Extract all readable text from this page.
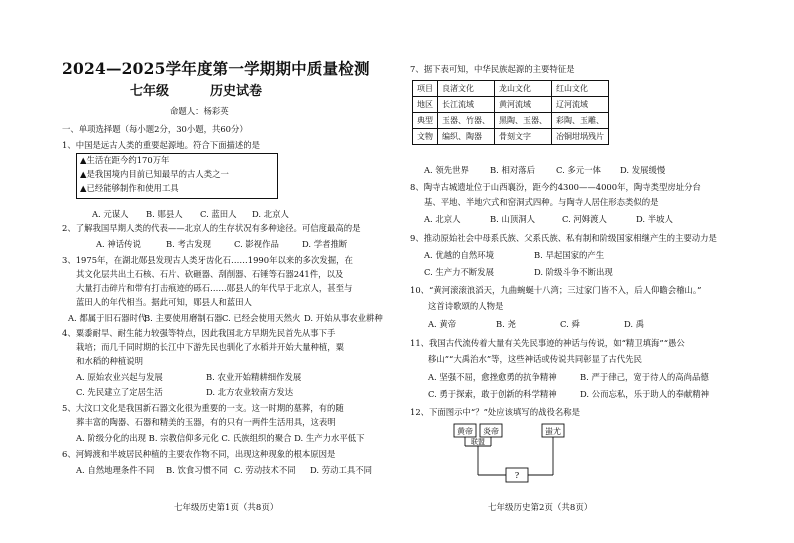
2024—2025学年度第一学期期中质量检测
七年级	历史试卷
命题人：杨彩英
一、单项选择题（每小题2分，30小题，共60分）
1、中国是远古人类的重要起源地。符合下面描述的是
▲生活在距今约170万年
▲是我国境内目前已知最早的古人类之一
▲已经能够制作和使用工具
A. 元谋人 B. 郧县人 C. 蓝田人 D. 北京人
2、了解我国早期人类的代表——北京人的生存状况有多种途径。可信度最高的是
A. 神话传说	B. 考古发现	C. 影视作品	D. 学者推断
3、1975年，在湖北郧县发现古人类牙齿化石……1990年以来的多次发掘，在
其文化层共出土石核、石片、砍砸器、刮削器、石锤等石器241件，以及
大量打击碎片和带有打击痕迹的砾石……郧县人的年代早于北京人，甚至与
蓝田人的年代相当。据此可知，郧县人和蓝田人
A. 都属于旧石器时代
B. 主要使用磨制石器 C. 已经会使用天然火 D. 开始从事农业耕种
4、粟黍耐旱、耐生能力较强等特点，因此我国北方早期先民首先从事下手
栽培；而几千同时期的长江中下游先民也驯化了水稻并开始大量种植，粟
和水稻的种植说明
A. 原始农业兴起与发展	B. 农业开始精耕细作发展
C. 先民建立了定居生活	D. 北方农业较南方发达
5、大汶口文化是我国新石器文化很为重要的一支。这一时期的墓葬，有的随
葬丰富的陶器、石器和精美的玉器，有的只有一两件生活用具，这表明
A. 阶级分化的出现 B. 宗教信仰多元化 C. 氏族组织的聚合 D. 生产力水平低下
6、河姆渡和半坡居民种植的主要农作物不同，出现这种现象的根本原因是
A. 自然地理条件不同 B. 饮食习惯不同 C. 劳动技术不同 D. 劳动工具不同
七年级历史第1页（共8页）
7、据下表可知，中华民族起源的主要特征是
项目	良渚文化	龙山文化	红山文化
地区	长江流域	黄河流域	辽河流域
典型	玉器、竹器、	黑陶、玉器、	彩陶、玉雕、
文物	编织、陶器	骨刻文字	冶铜坩埚残片
A. 领先世界	B. 相对落后	C. 多元一体 D. 发展缓慢
8、陶寺古城遗址位于山西襄汾，距今约4300——4000年，陶寺类型房址分台
基、平地、半地穴式和窑洞式四种。与陶寺人居住形态类似的是
A. 北京人	B. 山顶洞人	C. 河姆渡人	D. 半坡人
9、推动原始社会中母系氏族、父系氏族、私有制和阶级国家相继产生的主要动力是
A. 优越的自然环境	B. 早起国家的产生
C. 生产力不断发展	D. 阶级斗争不断出现
10、“黄河滚滚浪滔天，九曲蜿蜒十八湾；三过家门皆不入，后人仰瞻会稽山。”
这首诗歌颂的人物是
A. 黄帝	B. 尧	C. 舜	D. 禹
11、我国古代流传着大量有关先民事迹的神话与传说，如“精卫填海”“愚公
移山”“大禹治水”等，这些神话或传说共同彰显了古代先民
A. 坚强不屈，愈挫愈勇的抗争精神	B. 严于律己，宽于待人的高尚品德
C. 勇于探索，敢于创新的科学精神	D. 公而忘私，乐于助人的奉献精神
12、下面图示中“？”处应该填写的战役名称是
黄帝 炎帝	蚩尤
联盟
?
七年级历史第2页（共8页）
